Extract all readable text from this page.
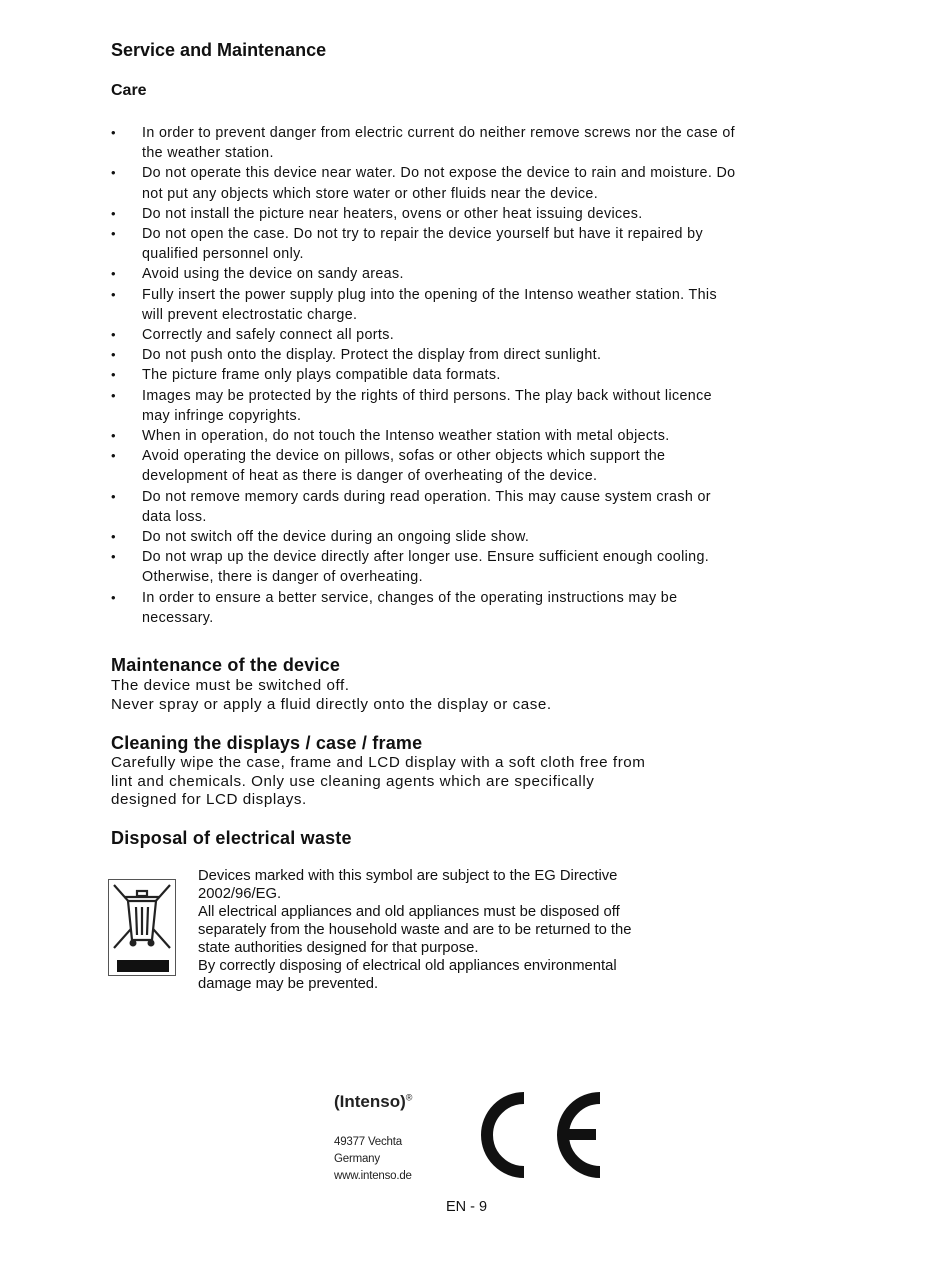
Service and Maintenance
Care
• In order to prevent danger from electric current do neither remove screws nor the case of
the weather station.
• Do not operate this device near water. Do not expose the device to rain and moisture. Do
not put any objects which store water or other fluids near the device.
• Do not install the picture near heaters, ovens or other heat issuing devices.
• Do not open the case. Do not try to repair the device yourself but have it repaired by
qualified personnel only.
• Avoid using the device on sandy areas.
• Fully insert the power supply plug into the opening of the Intenso weather station. This
will prevent electrostatic charge.
• Correctly and safely connect all ports.
• Do not push onto the display. Protect the display from direct sunlight.
• The picture frame only plays compatible data formats.
• Images may be protected by the rights of third persons. The play back without licence
may infringe copyrights.
• When in operation, do not touch the Intenso weather station with metal objects.
• Avoid operating the device on pillows, sofas or other objects which support the
development of heat as there is danger of overheating of the device.
• Do not remove memory cards during read operation. This may cause system crash or
data loss.
• Do not switch off the device during an ongoing slide show.
• Do not wrap up the device directly after longer use. Ensure sufficient enough cooling.
Otherwise, there is danger of overheating.
• In order to ensure a better service, changes of the operating instructions may be
necessary.
Maintenance of the device

The device must be switched off.
Never spray or apply a fluid directly onto the display or case.

Cleaning the displays / case / frame

Carefully wipe the case, frame and LCD display with a soft cloth free from
lint and chemicals. Only use cleaning agents which are specifically
designed for LCD displays.

Disposal of electrical waste

Devices marked with this symbol are subject to the EG Directive
2002/96/EG.
All electrical appliances and old appliances must be disposed off
separately from the household waste and are to be returned to the
state authorities designed for that purpose.
By correctly disposing of electrical old appliances environmental
damage may be prevented.

(Intenso)®
49377 Vechta
Germany
www.intenso.de
EN - 9
